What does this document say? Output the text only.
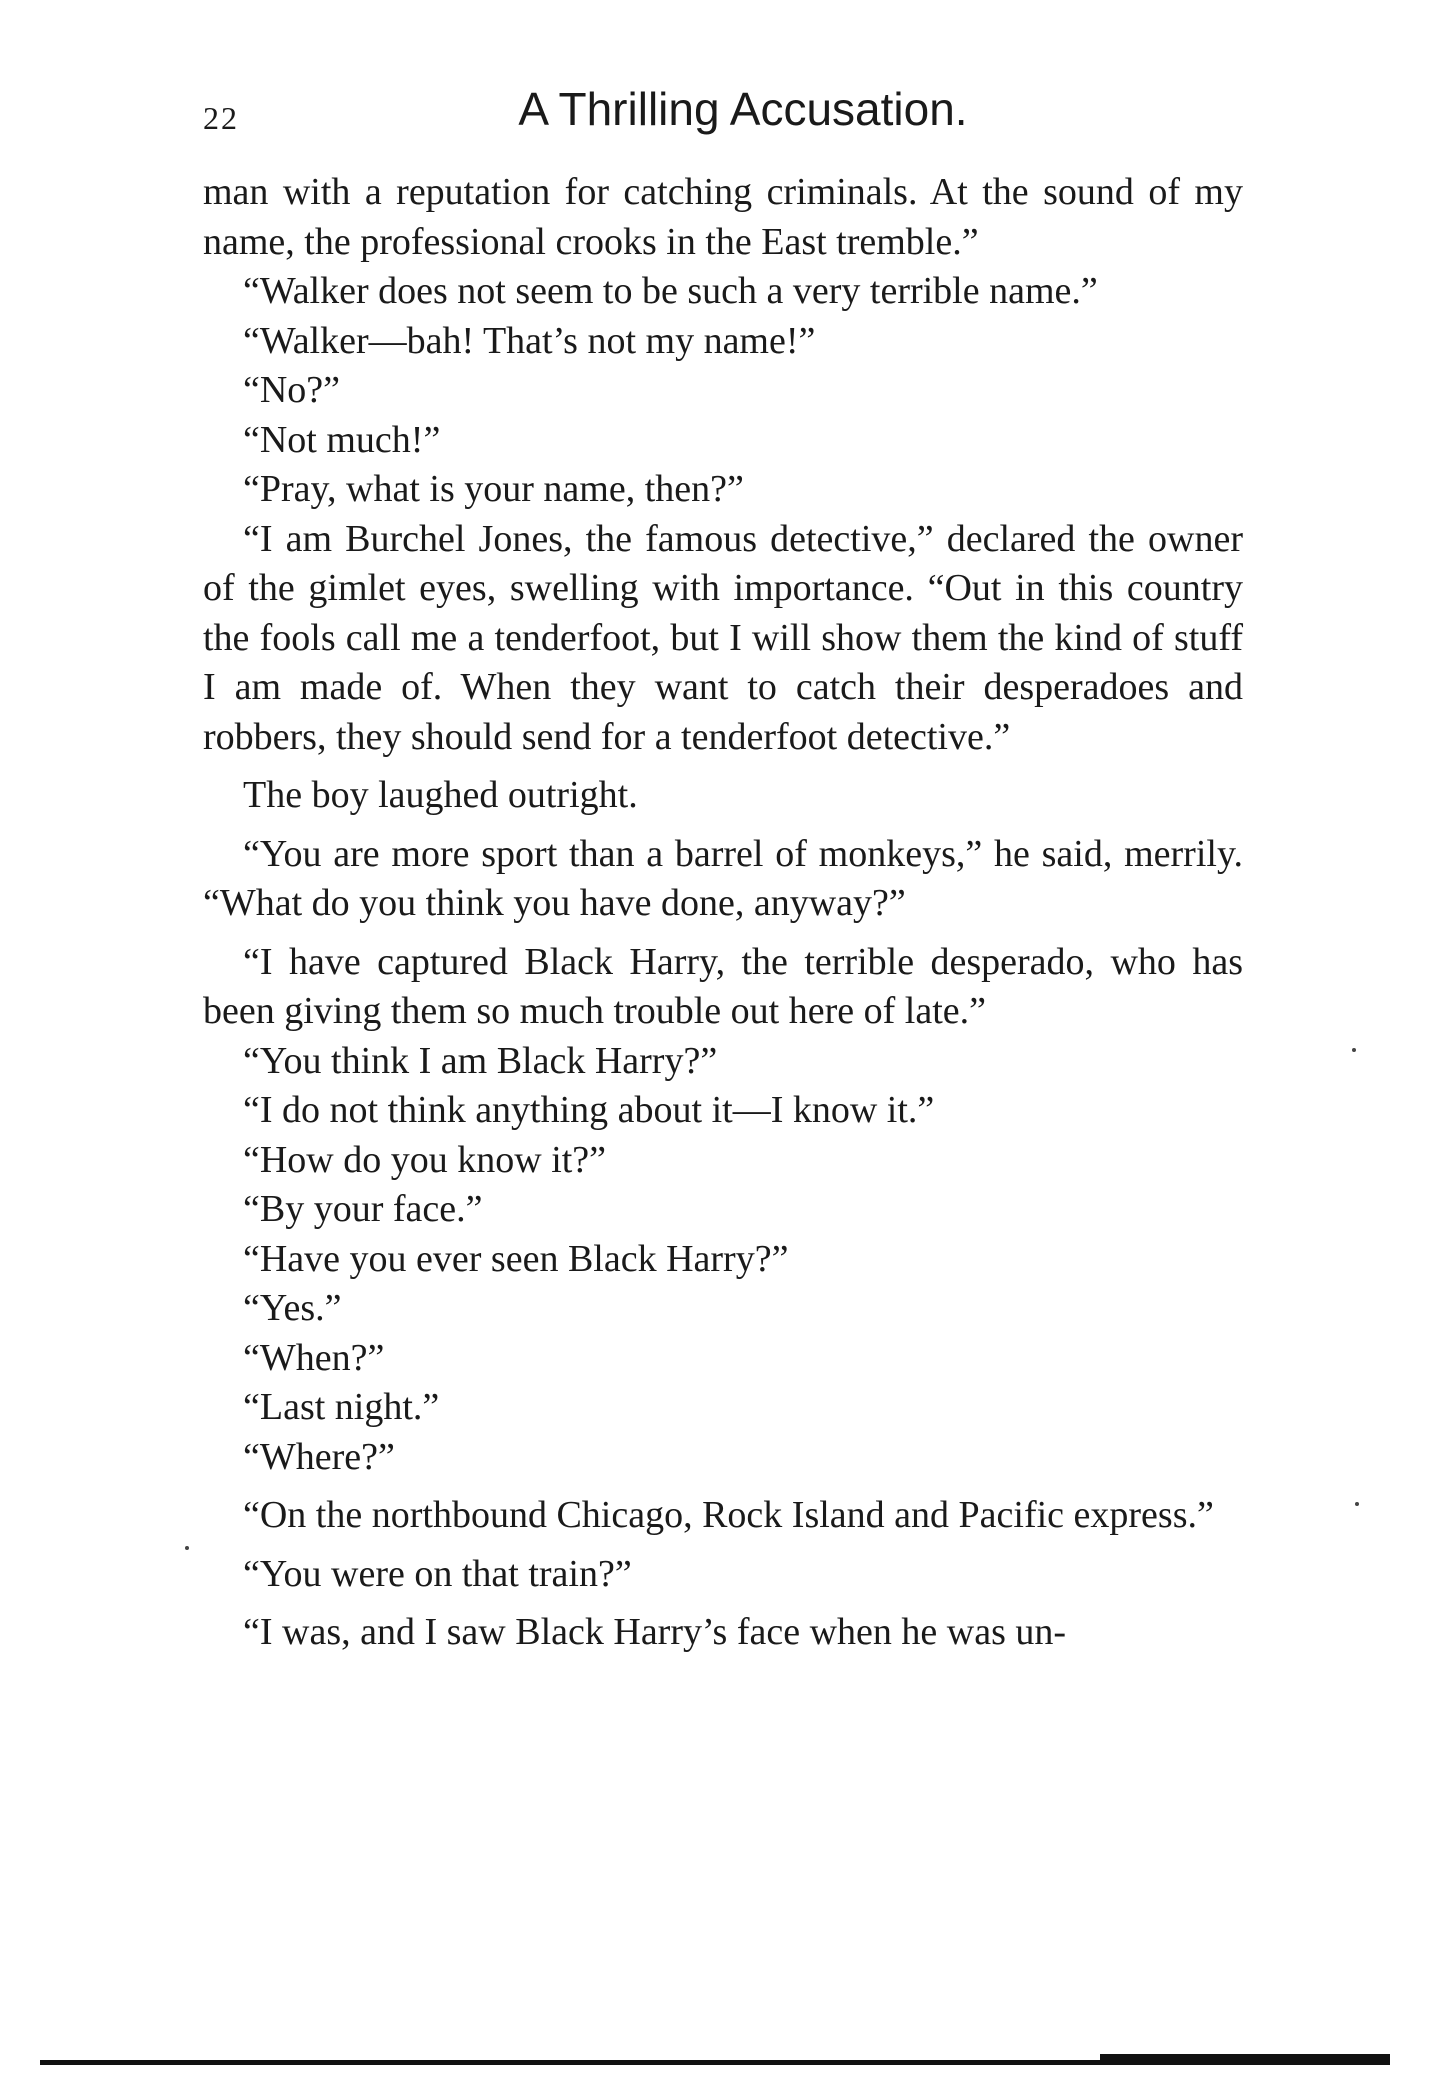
22	A Thrilling Accusation.

man with a reputation for catching criminals. At the sound of my name, the professional crooks in the East tremble.”

“Walker does not seem to be such a very terrible name.”

“Walker—bah! That’s not my name!”

“No?”

“Not much!”

“Pray, what is your name, then?”

“I am Burchel Jones, the famous detective,” declared the owner of the gimlet eyes, swelling with importance. “Out in this country the fools call me a tenderfoot, but I will show them the kind of stuff I am made of. When they want to catch their desperadoes and robbers, they should send for a tenderfoot detective.”

The boy laughed outright.

“You are more sport than a barrel of monkeys,” he said, merrily. “What do you think you have done, anyway?”

“I have captured Black Harry, the terrible desperado, who has been giving them so much trouble out here of late.”

“You think I am Black Harry?”

“I do not think anything about it—I know it.”

“How do you know it?”

“By your face.”

“Have you ever seen Black Harry?”

“Yes.”

“When?”

“Last night.”

“Where?”

“On the northbound Chicago, Rock Island and Pacific express.”

“You were on that train?”

“I was, and I saw Black Harry’s face when he was un-
